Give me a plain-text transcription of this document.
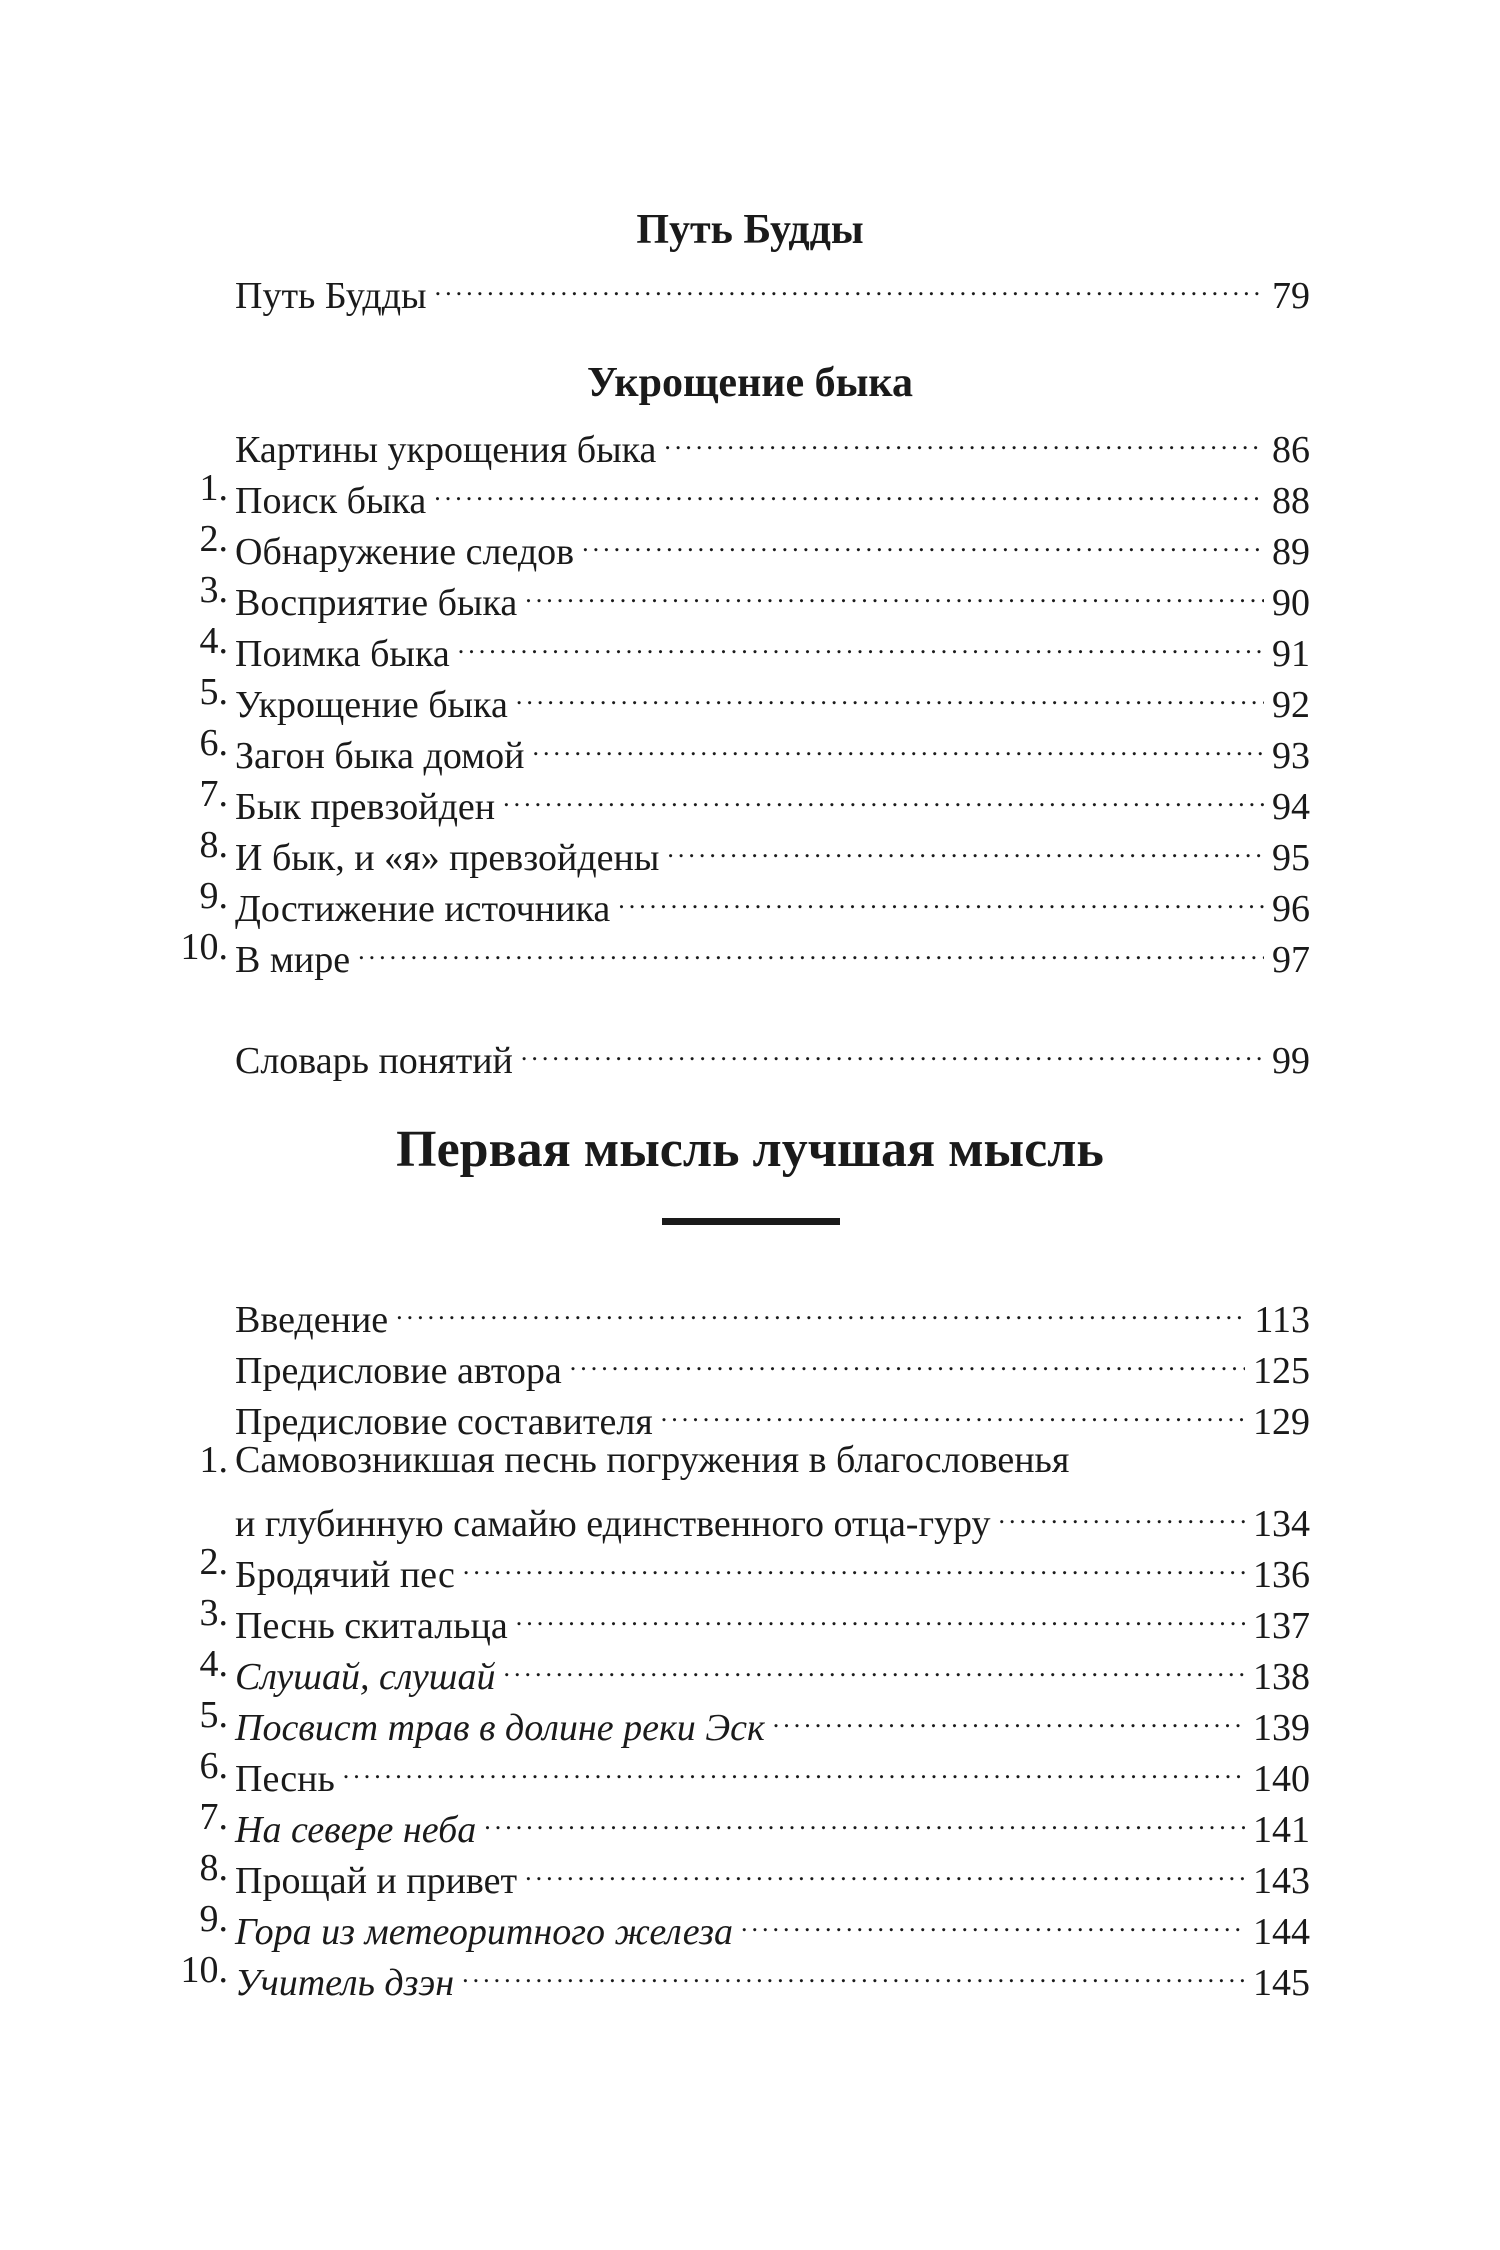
Путь Будды
Путь Будды .....	79
Укрощение быка
Картины укрощения быка .....	86
1. Поиск быка .....	88
2. Обнаружение следов .....	89
3. Восприятие быка .....	90
4. Поимка быка .....	91
5. Укрощение быка .....	92
6. Загон быка домой .....	93
7. Бык превзойден .....	94
8. И бык, и «я» превзойдены .....	95
9. Достижение источника .....	96
10. В мире .....	97
Словарь понятий .....	99
Первая мысль лучшая мысль
Введение .....	113
Предисловие автора .....	125
Предисловие составителя .....	129
1. Самовозникшая песнь погружения в благословенья
и глубинную самайю единственного отца-гуру .....	134
2. Бродячий пес .....	136
3. Песнь скитальца .....	137
4. Слушай, слушай .....	138
5. Посвист трав в долине реки Эск .....	139
6. Песнь .....	140
7. На севере неба .....	141
8. Прощай и привет .....	143
9. Гора из метеоритного железа .....	144
10. Учитель дзэн .....	145
